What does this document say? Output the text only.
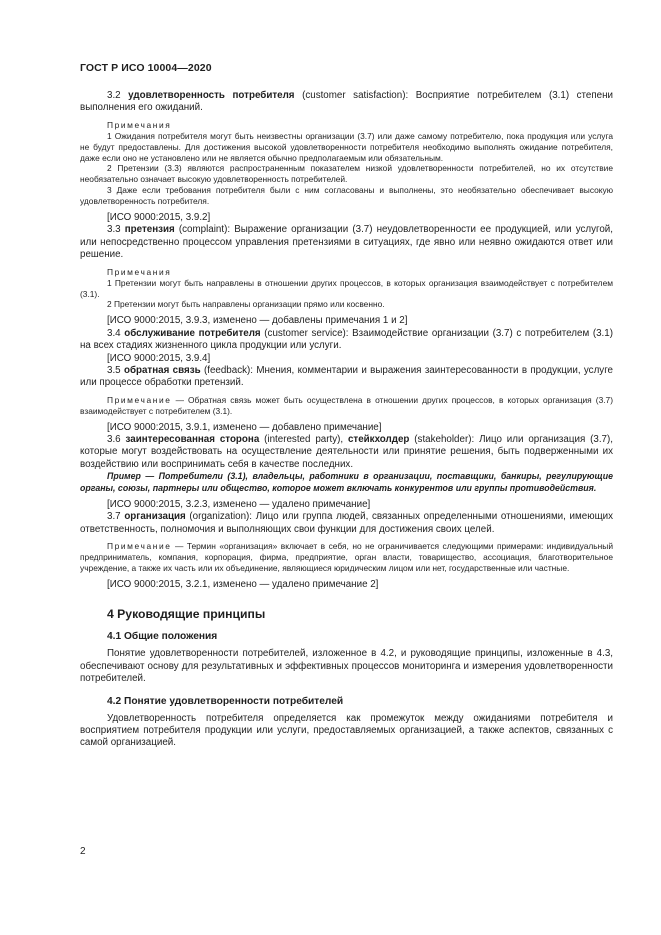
ГОСТ Р ИСО 10004—2020

3.2 удовлетворенность потребителя (customer satisfaction): Восприятие потребителем (3.1) степени выполнения его ожиданий.

Примечания

1 Ожидания потребителя могут быть неизвестны организации (3.7) или даже самому потребителю, пока продукция или услуга не будут предоставлены. Для достижения высокой удовлетворенности потребителя необходимо выполнять ожидание потребителя, даже если оно не установлено или не является обычно предполагаемым или обязательным.

2 Претензии (3.3) являются распространенным показателем низкой удовлетворенности потребителей, но их отсутствие необязательно означает высокую удовлетворенность потребителей.

3 Даже если требования потребителя были с ним согласованы и выполнены, это необязательно обеспечивает высокую удовлетворенность потребителя.

[ИСО 9000:2015, 3.9.2]

3.3 претензия (complaint): Выражение организации (3.7) неудовлетворенности ее продукцией, или услугой, или непосредственно процессом управления претензиями в ситуациях, где явно или неявно ожидаются ответ или решение.

Примечания

1 Претензии могут быть направлены в отношении других процессов, в которых организация взаимодействует с потребителем (3.1).

2 Претензии могут быть направлены организации прямо или косвенно.

[ИСО 9000:2015, 3.9.3, изменено — добавлены примечания 1 и 2]

3.4 обслуживание потребителя (customer service): Взаимодействие организации (3.7) с потребителем (3.1) на всех стадиях жизненного цикла продукции или услуги.

[ИСО 9000:2015, 3.9.4]

3.5 обратная связь (feedback): Мнения, комментарии и выражения заинтересованности в продукции, услуге или процессе обработки претензий.

Примечание — Обратная связь может быть осуществлена в отношении других процессов, в которых организация (3.7) взаимодействует с потребителем (3.1).

[ИСО 9000:2015, 3.9.1, изменено — добавлено примечание]

3.6 заинтересованная сторона (interested party), стейкхолдер (stakeholder): Лицо или организация (3.7), которые могут воздействовать на осуществление деятельности или принятие решения, быть подверженными их воздействию или воспринимать себя в качестве последних.

Пример — Потребители (3.1), владельцы, работники в организации, поставщики, банкиры, регулирующие органы, союзы, партнеры или общество, которое может включать конкурентов или группы противодействия.

[ИСО 9000:2015, 3.2.3, изменено — удалено примечание]

3.7 организация (organization): Лицо или группа людей, связанных определенными отношениями, имеющих ответственность, полномочия и выполняющих свои функции для достижения своих целей.

Примечание — Термин «организация» включает в себя, но не ограничивается следующими примерами: индивидуальный предприниматель, компания, корпорация, фирма, предприятие, орган власти, товарищество, ассоциация, благотворительное учреждение, а также их часть или их объединение, являющиеся юридическим лицом или нет, государственные или частные.

[ИСО 9000:2015, 3.2.1, изменено — удалено примечание 2]

4 Руководящие принципы

4.1 Общие положения

Понятие удовлетворенности потребителей, изложенное в 4.2, и руководящие принципы, изложенные в 4.3, обеспечивают основу для результативных и эффективных процессов мониторинга и измерения удовлетворенности потребителей.

4.2 Понятие удовлетворенности потребителей

Удовлетворенность потребителя определяется как промежуток между ожиданиями потребителя и восприятием потребителя продукции или услуги, предоставляемых организацией, а также аспектов, связанных с самой организацией.

2
